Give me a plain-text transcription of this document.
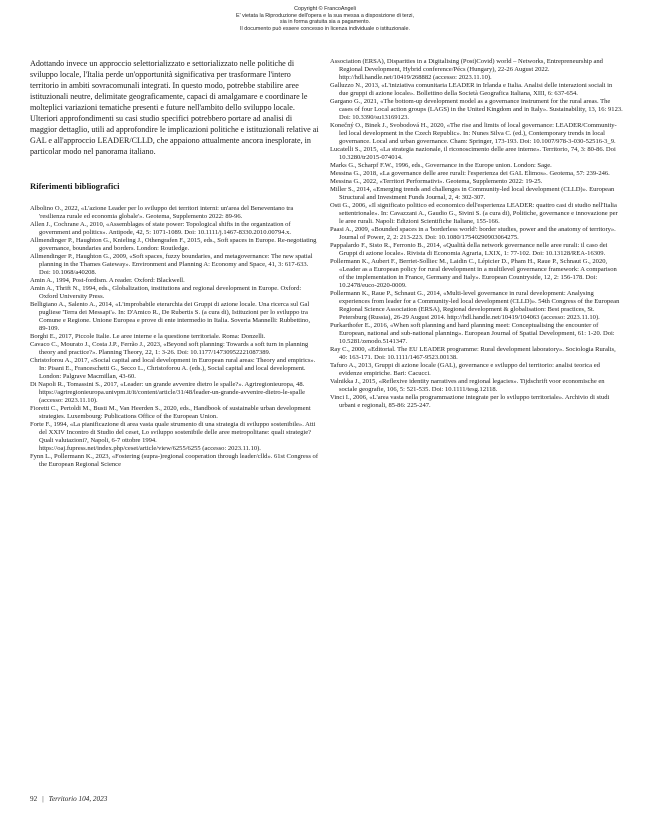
Copyright © FrancoAngeli
E' vietata la Riproduzione dell'opera e la sua messa a disposizione di terzi,
sia in forma gratuita sia a pagamento.
Il documento può essere concesso in licenza individuale o istituzionale.

Adottando invece un approccio selettorializzato e settorializzato nelle politiche di sviluppo locale, l'Italia perde un'opportunità significativa per trasformare l'intero territorio in ambiti sovracomunali integrati. In questo modo, potrebbe stabilire aree istituzionali neutre, delimitate geograficamente, capaci di amalgamare e coordinare le molteplici variazioni tematiche presenti e future nell'ambito dello sviluppo locale.

Ulteriori approfondimenti su casi studio specifici potrebbero portare ad analisi di maggior dettaglio, utili ad approfondire le implicazioni politiche e istituzionali relative ai GAL e all'approccio LEADER/CLLD, che appaiono attualmente ancora inesplorate, in particolar modo nel panorama italiano.

Riferimenti bibliografici
Albolino O., 2022, «L'azione Leader per lo sviluppo dei territori interni: un'area del Beneventano tra 'resilienza rurale ed economia globale'». Geotema, Supplemento 2022: 89-96.
Allen J., Cochrane A., 2010, «Assemblages of state power: Topological shifts in the organization of government and politics». Antipode, 42, 5: 1071-1089. Doi: 10.1111/j.1467-8330.2010.00794.x.
Allmendinger P., Haughton G., Knieling J., Othengrafen F., 2015, eds., Soft spaces in Europe. Re-negotiating governance, boundaries and borders. London: Routledge.
Allmendinger P., Haughton G., 2009, «Soft spaces, fuzzy boundaries, and metagovernance: The new spatial planning in the Thames Gateway». Environment and Planning A: Economy and Space, 41, 3: 617-633. Doi: 10.1068/a40208.
Amin A., 1994, Post-fordism. A reader. Oxford: Blackwell.
Amin A., Thrift N., 1994, eds., Globalization, institutions and regional development in Europe. Oxford: Oxford University Press.
Belligiano A., Salento A., 2014, «L'improbabile eterarchia dei Gruppi di azione locale. Una ricerca sul Gal pugliese 'Terra dei Messapi'». In: D'Amico R., De Rubertis S. (a cura di), Istituzioni per lo sviluppo tra Comune e Regione. Unione Europea e prove di ente intermedio in Italia. Soveria Mannelli: Rubbettino, 89-109.
Borghi E., 2017, Piccole Italie. Le aree interne e la questione territoriale. Roma: Donzelli.
Cavaco C., Mourato J., Costa J.P., Ferrão J., 2023, «Beyond soft planning: Towards a soft turn in planning theory and practice?». Planning Theory, 22, 1: 3-26. Doi: 10.1177/14730952221087389.
Christoforou A., 2017, «Social capital and local development in European rural areas: Theory and empirics». In: Pisani E., Franceschetti G., Secco L., Christoforou A. (eds.), Social capital and local development. London: Palgrave Macmillan, 43-60.
Di Napoli R., Tomassini S., 2017, «Leader: un grande avvenire dietro le spalle?». Agriregionieuropa, 48. https://agriregionieuropa.univpm.it/it/content/article/31/48/leader-un-grande-avvenire-dietro-le-spalle (accesso: 2023.11.10).
Fioretti C., Pertoldi M., Busti M., Van Heerden S., 2020, eds., Handbook of sustainable urban development strategies. Luxembourg: Publications Office of the European Union.
Forte F., 1994, «La pianificazione di area vasta quale strumento di una strategia di sviluppo sostenibile». Atti del XXIV Incontro di Studio del ceset, Lo sviluppo sostenibile delle aree metropolitane: quali strategie? Quali valutazioni?, Napoli, 6-7 ottobre 1994. https://oaj.fupress.net/index.php/ceset/article/view/6255/6255 (accesso: 2023.11.10).
Fynn L., Pollermann K., 2023, «Fostering (supra-)regional cooperation through leader/clld». 61st Congress of the European Regional Science
Association (ERSA), Disparities in a Digitalising (Post)Covid) world – Networks, Entrepreneurship and Regional Development, Hybrid conference/Pécs (Hungary), 22-26 August 2022. http://hdl.handle.net/10419/268882 (accesso: 2023.11.10).
Galluzzo N., 2013, «L'iniziativa comunitaria LEADER in Irlanda e Italia. Analisi delle interazioni sociali in due gruppi di azione locale». Bollettino della Società Geografica Italiana, XIII, 6: 637-654.
Gargano G., 2021, «The bottom-up development model as a governance instrument for the rural areas. The cases of four Local action groups (LAGS) in the United Kingdom and in Italy». Sustainability, 13, 16: 9123. Doi: 10.3390/su13169123.
Konečný O., Binek J., Svobodová H., 2020, «The rise and limits of local governance: LEADER/Community-led local development in the Czech Republic». In: Nunes Silva C. (ed.), Contemporary trends in local governance. Local and urban governance. Cham: Springer, 173-193. Doi: 10.1007/978-3-030-52516-3_9.
Lucatelli S., 2015, «La strategia nazionale, il riconoscimento delle aree interne». Territorio, 74, 3: 80-86. Doi 10.3280/tr2015-074014.
Marks G., Scharpf F.W., 1996, eds., Governance in the Europe union. London: Sage.
Messina G., 2018, «La governance delle aree rurali: l'esperienza dei GAL Elimos». Geotema, 57: 239-246.
Messina G., 2022, «Territori Performativi». Geotema, Supplemento 2022: 19-25.
Miller S., 2014, «Emerging trends and challenges in Community-led local development (CLLD)». European Structural and Investment Funds Journal, 2, 4: 302-307.
Osti G., 2006, «Il significato politico ed economico dell'esperienza LEADER: quattro casi di studio nell'Italia settentrionale». In: Cavazzani A., Gaudio G., Sivini S. (a cura di), Politiche, governance e innovazione per le aree rurali. Napoli: Edizioni Scientifiche Italiane, 155-166.
Paasi A., 2009, «Bounded spaces in a 'borderless world': border studies, power and the anatomy of territory». Journal of Power, 2, 2: 213-223. Doi: 10.1080/17540290903064275.
Pappalardo F., Sisto R., Ferronio B., 2014, «Qualità della network governance nelle aree rurali: il caso dei Gruppi di azione locale». Rivista di Economia Agraria, LXIX, 1: 77-102. Doi: 10.13128/REA-16309.
Pollermann K., Aubert F., Berriet-Solliec M., Laidin C., Lépicier D., Pham H., Raue P., Schnaut G., 2020, «Leader as a European policy for rural development in a multilevel governance framework: A comparison of the implementation in France, Germany and Italy». European Countryside, 12, 2: 156-178. Doi: 10.2478/euco-2020-0009.
Pollermann K., Raue P., Schnaut G., 2014, «Multi-level governance in rural development: Analysing experiences from leader for a Community-led local development (CLLD)». 54th Congress of the European Regional Science Association (ERSA), Regional development & globalisation: Best practices, St. Petersburg (Russia), 26-29 August 2014. http://hdl.handle.net/10419/104063 (accesso: 2023.11.10).
Purkarthofer E., 2016, «When soft planning and hard planning meet: Conceptualising the encounter of European, national and sub-national planning». European Journal of Spatial Development, 61: 1-20. Doi: 10.5281/zenodo.5141347.
Ray C., 2000, «Editorial. The EU LEADER programme: Rural development laboratory». Sociologia Ruralis, 40: 163-171. Doi: 10.1111/1467-9523.00138.
Tafuro A., 2013, Gruppi di azione locale (GAL), governance e sviluppo del territorio: analisi teorica ed evidenze empiriche. Bari: Cacucci.
Valnikka J., 2015, «Reflexive identity narratives and regional legacies». Tijdschrift voor economische en sociale geografie, 106, 5: 521-535. Doi: 10.1111/tesg.12118.
Vinci I., 2006, «L'area vasta nella programmazione integrate per lo sviluppo territoriale». Archivio di studi urbani e regionali, 85-86: 225-247.
92 | Territorio 104, 2023
